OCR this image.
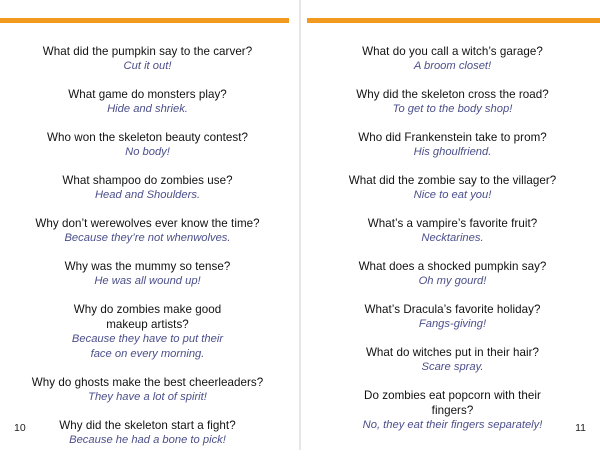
What did the pumpkin say to the carver?
Cut it out!
What game do monsters play?
Hide and shriek.
Who won the skeleton beauty contest?
No body!
What shampoo do zombies use?
Head and Shoulders.
Why don’t werewolves ever know the time?
Because they’re not whenwolves.
Why was the mummy so tense?
He was all wound up!
Why do zombies make good makeup artists?
Because they have to put their face on every morning.
Why do ghosts make the best cheerleaders?
They have a lot of spirit!
Why did the skeleton start a fight?
Because he had a bone to pick!
10
What do you call a witch’s garage?
A broom closet!
Why did the skeleton cross the road?
To get to the body shop!
Who did Frankenstein take to prom?
His ghoulfriend.
What did the zombie say to the villager?
Nice to eat you!
What’s a vampire’s favorite fruit?
Necktarines.
What does a shocked pumpkin say?
Oh my gourd!
What’s Dracula’s favorite holiday?
Fangs-giving!
What do witches put in their hair?
Scare spray.
Do zombies eat popcorn with their fingers?
No, they eat their fingers separately!	11
